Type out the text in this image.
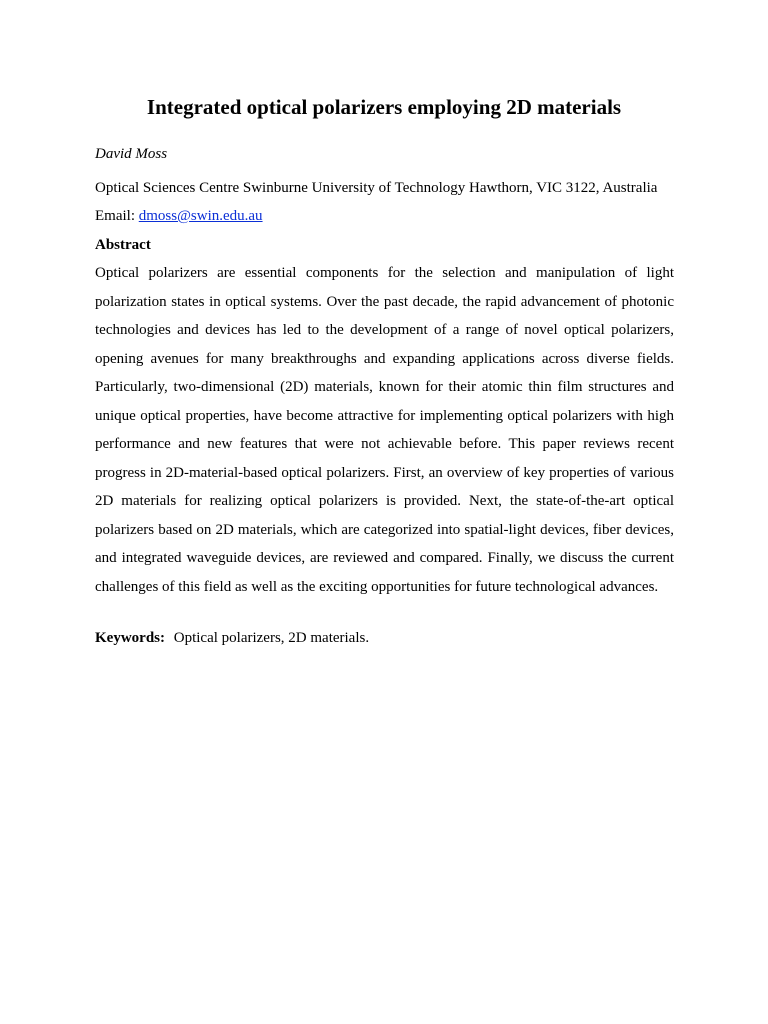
Integrated optical polarizers employing 2D materials
David Moss
Optical Sciences Centre Swinburne University of Technology Hawthorn, VIC 3122, Australia
Email: dmoss@swin.edu.au
Abstract

Optical polarizers are essential components for the selection and manipulation of light polarization states in optical systems. Over the past decade, the rapid advancement of photonic technologies and devices has led to the development of a range of novel optical polarizers, opening avenues for many breakthroughs and expanding applications across diverse fields. Particularly, two-dimensional (2D) materials, known for their atomic thin film structures and unique optical properties, have become attractive for implementing optical polarizers with high performance and new features that were not achievable before. This paper reviews recent progress in 2D-material-based optical polarizers. First, an overview of key properties of various 2D materials for realizing optical polarizers is provided. Next, the state-of-the-art optical polarizers based on 2D materials, which are categorized into spatial-light devices, fiber devices, and integrated waveguide devices, are reviewed and compared. Finally, we discuss the current challenges of this field as well as the exciting opportunities for future technological advances.

Keywords: Optical polarizers, 2D materials.
